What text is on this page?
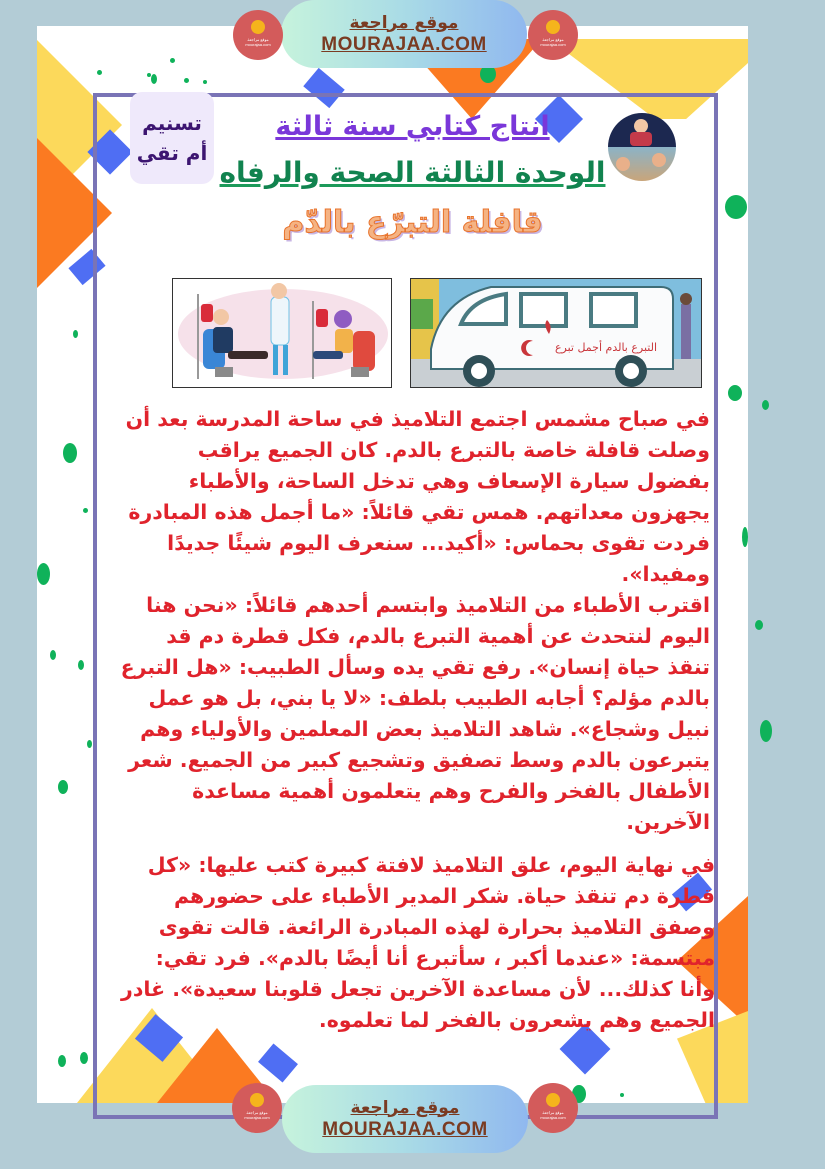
موقع مراجعة
MOURAJAA.COM
موقع مراجعة
mourajaa.com
موقع مراجعة
mourajaa.com
تسنيم
أم تقي
انتاج كتابي سنة ثالثة
الوحدة الثالثة الصحة والرفاه
قافلة التبرّع بالدّم
التبرع بالدم أجمل تبرع

في صباح مشمس اجتمع التلاميذ في ساحة المدرسة بعد أن وصلت قافلة خاصة بالتبرع بالدم. كان الجميع يراقب بفضول سيارة الإسعاف وهي تدخل الساحة، والأطباء يجهزون معداتهم. همس تقي قائلاً: «ما أجمل هذه المبادرة فردت تقوى بحماس: «أكيد... سنعرف اليوم شيئًا جديدًا ومفيدا».

اقترب الأطباء من التلاميذ وابتسم أحدهم قائلاً: «نحن هنا اليوم لنتحدث عن أهمية التبرع بالدم، فكل قطرة دم قد تنقذ حياة إنسان». رفع تقي يده وسأل الطبيب: «هل التبرع بالدم مؤلم؟ أجابه الطبيب بلطف: «لا يا بني، بل هو عمل نبيل وشجاع». شاهد التلاميذ بعض المعلمين والأولياء وهم يتبرعون بالدم وسط تصفيق وتشجيع كبير من الجميع. شعر الأطفال بالفخر والفرح وهم يتعلمون أهمية مساعدة الآخرين.

في نهاية اليوم، علق التلاميذ لافتة كبيرة كتب عليها: «كل قطرة دم تنقذ حياة. شكر المدير الأطباء على حضورهم وصفق التلاميذ بحرارة لهذه المبادرة الرائعة. قالت تقوى مبتسمة: «عندما أكبر ، سأتبرع أنا أيضًا بالدم». فرد تقي: وأنا كذلك... لأن مساعدة الآخرين تجعل قلوبنا سعيدة». غادر الجميع وهم يشعرون بالفخر لما تعلموه.

موقع مراجعة
MOURAJAA.COM
موقع مراجعة
mourajaa.com
موقع مراجعة
mourajaa.com
